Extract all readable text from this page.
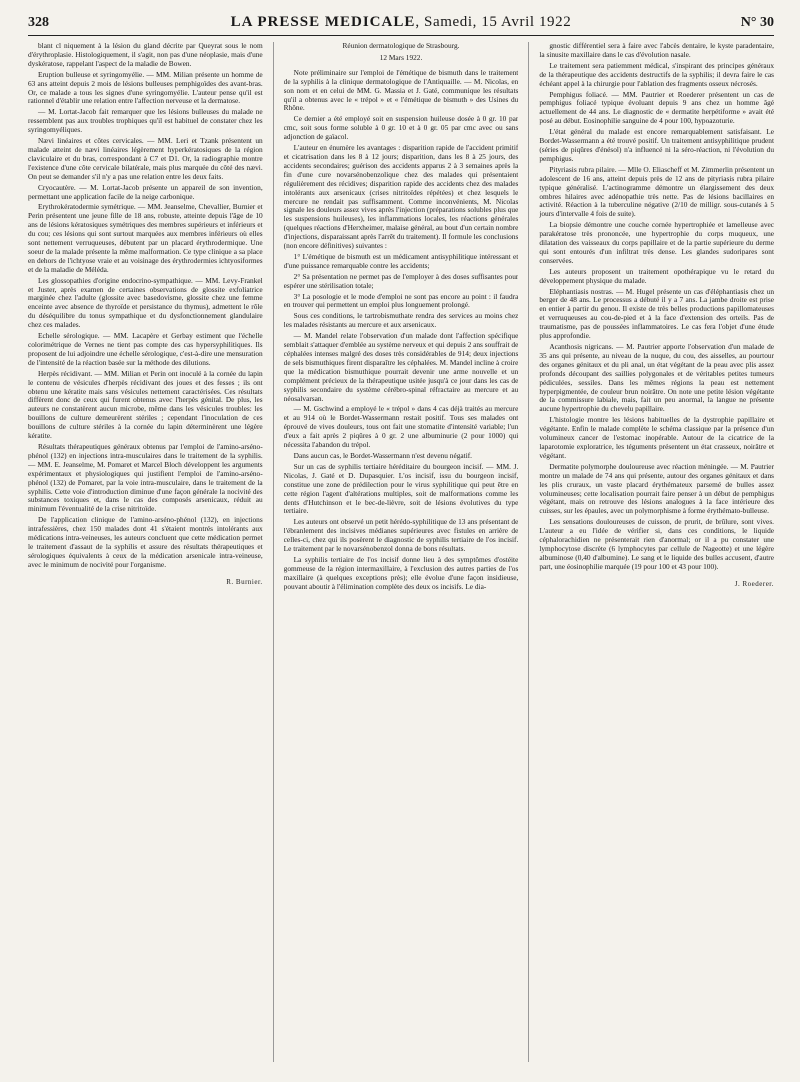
328	LA PRESSE MEDICALE, Samedi, 15 Avril 1922	N° 30

blant cl niquement à la lésion du gland décrite par Queyrat sous le nom d'érythroplasie. Histologiquement, il s'agit, non pas d'une néoplasie, mais d'une dyskératose, rappelant l'aspect de la maladie de Bowen.

Eruption bulleuse et syringomyélie. — MM. Milian présente un homme de 63 ans atteint depuis 2 mois de lésions bulleuses pemphigoïdes des avant-bras. Or, ce malade a tous les signes d'une syringomyélie. L'auteur pense qu'il est rationnel d'établir une relation entre l'affection nerveuse et la dermatose.

— M. Lortat-Jacob fait remarquer que les lésions bulleuses du malade ne ressemblent pas aux troubles trophiques qu'il est habituel de constater chez les syringomyéliques.

Nævi linéaires et côtes cervicales. — MM. Leri et Tzank présentent un malade atteint de nævi linéaires légèrement hyperkératosiques de la région claviculaire et du bras, correspondant à C7 et D1. Or, la radiographie montre l'existence d'une côte cervicale bilatérale, mais plus marquée du côté des nævi. On peut se demander s'il n'y a pas une relation entre les deux faits.

Cryocautère. — M. Lortat-Jacob présente un appareil de son invention, permettant une application facile de la neige carbonique.

Erythrokératodermie symétrique. — MM. Jeanselme, Chevallier, Burnier et Perin présentent une jeune fille de 18 ans, robuste, atteinte depuis l'âge de 10 ans de lésions kératosiques symétriques des membres supérieurs et inférieurs et du cou; ces lésions qui sont surtout marquées aux membres inférieurs où elles sont nettement verruqueuses, débutent par un placard érythrodermique. Une soeur de la malade présente la même malformation. Ce type clinique a sa place en dehors de l'ichtyose vraie et au voisinage des érythrodermies ichtyosiformes et de la maladie de Méléda.

Les glossopathies d'origine endocrino-sympathique. — MM. Levy-Frankel et Juster, après examen de certaines observations de glossite exfoliatrice marginée chez l'adulte (glossite avec basedovisme, glossite chez une femme enceinte avec absence de thyroïde et persistance du thymus), admettent le rôle du déséquilibre du tonus sympathique et du dysfonctionnement glandulaire chez ces malades.

Echelle sérologique. — MM. Lacapère et Gerbay estiment que l'échelle colorimétrique de Vernes ne tient pas compte des cas hypersyphilitiques. Ils proposent de lui adjoindre une échelle sérologique, c'est-à-dire une mensuration de l'intensité de la réaction basée sur la méthode des dilutions.

Herpès récidivant. — MM. Milian et Perin ont inoculé à la cornée du lapin le contenu de vésicules d'herpès récidivant des joues et des fesses ; ils ont obtenu une kératite mais sans vésicules nettement caractérisées. Ces résultats diffèrent donc de ceux qui furent obtenus avec l'herpès génital. De plus, les auteurs ne constatèrent aucun microbe, même dans les vésicules troubles: les bouillons de culture demeurèrent stériles ; cependant l'inoculation de ces bouillons de culture stériles à la cornée du lapin déterminèrent une légère kératite.

Résultats thérapeutiques généraux obtenus par l'emploi de l'amino-arséno-phénol (132) en injections intra-musculaires dans le traitement de la syphilis. — MM. E. Jeanselme, M. Pomaret et Marcel Bloch développent les arguments expérimentaux et physiologiques qui justifient l'emploi de l'amino-arséno-phénol (132) de Pomaret, par la voie intra-musculaire, dans le traitement de la syphilis. Cette voie d'introduction diminue d'une façon générale la nocivité des substances toxiques et, dans le cas des composés arsenicaux, réduit au minimum l'éventualité de la crise nitritoïde.

De l'application clinique de l'amino-arséno-phénol (132), en injections intrafessières, chez 150 malades dont 41 s'étaient montrés intolérants aux médications intra-veineuses, les auteurs concluent que cette médication permet le traitement d'assaut de la syphilis et assure des résultats thérapeutiques et sérologiques équivalents à ceux de la médication arsenicale intra-veineuse, avec le minimum de nocivité pour l'organisme.

R. Burnier.

Réunion dermatologique de Strasbourg.

12 Mars 1922.

Note préliminaire sur l'emploi de l'émétique de bismuth dans le traitement de la syphilis à la clinique dermatologique de l'Antiquaille. — M. Nicolas, en son nom et en celui de MM. G. Massia et J. Gaté, communique les résultats qu'il a obtenus avec le « trépol » et « l'émétique de bismuth » des Usines du Rhône.

Ce dernier a été employé soit en suspension huileuse dosée à 0 gr. 10 par cmc, soit sous forme soluble à 0 gr. 10 et à 0 gr. 05 par cmc avec ou sans adjonction de gaïacol.

L'auteur en énumère les avantages : disparition rapide de l'accident primitif et cicatrisation dans les 8 à 12 jours; disparition, dans les 8 à 25 jours, des accidents secondaires; guérison des accidents apparus 2 à 3 semaines après la fin d'une cure novarsénobenzolique chez des malades qui présentaient régulièrement des récidives; disparition rapide des accidents chez des malades intolérants aux arsenicaux (crises nitritoïdes répétées) et chez lesquels le mercure ne rendait pas suffisamment. Comme inconvénients, M. Nicolas signale les douleurs assez vives après l'injection (préparations solubles plus que les suspensions huileuses), les inflammations locales, les réactions générales (quelques réactions d'Herxheimer, malaise général, au bout d'un certain nombre d'injections, disparaissant après l'arrêt du traitement). Il formule les conclusions (non encore définitives) suivantes :

1° L'émétique de bismuth est un médicament antisyphilitique intéressant et d'une puissance remarquable contre les accidents;

2° Sa présentation ne permet pas de l'employer à des doses suffisantes pour espérer une stérilisation totale;

3° La posologie et le mode d'emploi ne sont pas encore au point : il faudra en trouver qui permettent un emploi plus longuement prolongé.

Sous ces conditions, le tartrobismuthate rendra des services au moins chez les malades résistants au mercure et aux arsenicaux.

— M. Mandel relate l'observation d'un malade dont l'affection spécifique semblait s'attaquer d'emblée au système nerveux et qui depuis 2 ans souffrait de céphalées intenses malgré des doses très considérables de 914; deux injections de sels bismuthiques firent disparaître les céphalées. M. Mandel incline à croire que la médication bismuthique pourrait devenir une arme nouvelle et un complément précieux de la thérapeutique usitée jusqu'à ce jour dans les cas de syphilis secondaire du système cérébro-spinal réfractaire au mercure et au néosalvarsan.

— M. Gschwind a employé le « trépol » dans 4 cas déjà traités au mercure et au 914 où le Bordet-Wassermann restait positif. Tous ses malades ont éprouvé de vives douleurs, tous ont fait une stomatite d'intensité variable; l'un d'eux a fait après 2 piqûres à 0 gr. 2 une albuminurie (2 pour 1000) qui nécessita l'abandon du trépol.

Dans aucun cas, le Bordet-Wassermann n'est devenu négatif.

Sur un cas de syphilis tertiaire héréditaire du bourgeon incisif. — MM. J. Nicolas, J. Gaté et D. Dupasquier. L'os incisif, issu du bourgeon incisif, constitue une zone de prédilection pour le virus syphilitique qui peut être en cette région l'agent d'altérations multiples, soit de malformations comme les dents d'Hutchinson et le bec-de-lièvre, soit de lésions évolutives du type tertiaire.

Les auteurs ont observé un petit hérédo-syphilitique de 13 ans présentant de l'ébranlement des incisives médianes supérieures avec fistules en arrière de celles-ci, chez qui ils posèrent le diagnostic de syphilis tertiaire de l'os incisif. Le traitement par le novarsénobenzol donna de bons résultats.

La syphilis tertiaire de l'os incisif donne lieu à des symptômes d'ostéite gommeuse de la région intermaxillaire, à l'exclusion des autres parties de l'os maxillaire (à quelques exceptions près); elle évolue d'une façon insidieuse, pouvant aboutir à l'élimination complète des deux os incisifs. Le dia-

gnostic différentiel sera à faire avec l'abcès dentaire, le kyste paradentaire, la sinusite maxillaire dans le cas d'évolution nasale.

Le traitement sera patiemment médical, s'inspirant des principes généraux de la thérapeutique des accidents destructifs de la syphilis; il devra faire le cas échéant appel à la chirurgie pour l'ablation des fragments osseux nécrosés.

Pemphigus foliacé. — MM. Pautrier et Roederer présentent un cas de pemphigus foliacé typique évoluant depuis 9 ans chez un homme âgé actuellement de 44 ans. Le diagnostic de « dermatite herpétiforme » avait été posé au début. Eosinophilie sanguine de 4 pour 100, hypoazoturie.

L'état général du malade est encore remarquablement satisfaisant. Le Bordet-Wassermann a été trouvé positif. Un traitement antisyphilitique prudent (séries de piqûres d'énésol) n'a influencé ni la séro-réaction, ni l'évolution du pemphigus.

Pityriasis rubra pilaire. — Mlle O. Eliascheff et M. Zimmerlin présentent un adolescent de 16 ans, atteint depuis près de 12 ans de pityriasis rubra pilaire typique généralisé. L'actinogramme démontre un élargissement des deux ombres hilaires avec adénopathie très nette. Pas de lésions bacillaires en activité. Réaction à la tuberculine négative (2/10 de milligr. sous-cutanés à 5 jours d'intervalle 4 fois de suite).

La biopsie démontre une couche cornée hypertrophiée et lamelleuse avec parakératose très prononcée, une hypertrophie du corps muqueux, une dilatation des vaisseaux du corps papillaire et de la partie supérieure du derme qui sont entourés d'un infiltrat très dense. Les glandes sudoripares sont conservées.

Les auteurs proposent un traitement opothérapique vu le retard du développement physique du malade.

Eléphantiasis nostras. — M. Hugel présente un cas d'éléphantiasis chez un berger de 48 ans. Le processus a débuté il y a 7 ans. La jambe droite est prise en entier à partir du genou. Il existe de très belles productions papillomateuses et verruqueuses au cou-de-pied et à la face d'extension des orteils. Pas de traumatisme, pas de poussées inflammatoires. Le cas fera l'objet d'une étude plus approfondie.

Acanthosis nigricans. — M. Pautrier apporte l'observation d'un malade de 35 ans qui présente, au niveau de la nuque, du cou, des aisselles, au pourtour des organes génitaux et du pli anal, un état végétant de la peau avec plis assez profonds découpant des saillies polygonales et de véritables petites tumeurs pédiculées, sessiles. Dans les mêmes régions la peau est nettement hyperpigmentée, de couleur brun noirâtre. On note une petite lésion végétante de la commissure labiale, mais, fait un peu anormal, la langue ne présente aucune hypertrophie du chevelu papillaire.

L'histologie montre les lésions habituelles de la dystrophie papillaire et végétante. Enfin le malade complète le schéma classique par la présence d'un volumineux cancer de l'estomac inopérable. Autour de la cicatrice de la laparotomie exploratrice, les téguments présentent un état crasseux, noirâtre et végétant.

Dermatite polymorphe douloureuse avec réaction méningée. — M. Pautrier montre un malade de 74 ans qui présente, autour des organes génitaux et dans les plis cruraux, un vaste placard érythémateux parsemé de bulles assez volumineuses; cette localisation pourrait faire penser à un début de pemphigus végétant, mais on retrouve des lésions analogues à la face intérieure des cuisses, sur les épaules, avec un polymorphisme à forme érythémato-bulleuse.

Les sensations douloureuses de cuisson, de prurit, de brûlure, sont vives. L'auteur a eu l'idée de vérifier si, dans ces conditions, le liquide céphalorachidien ne présenterait rien d'anormal; or il a pu constater une lymphocytose discrète (6 lymphocytes par cellule de Nageotte) et une légère albuminose (0,40 d'albumine). Le sang et le liquide des bulles accusent, d'autre part, une éosinophilie marquée (19 pour 100 et 43 pour 100).

J. Roederer.
